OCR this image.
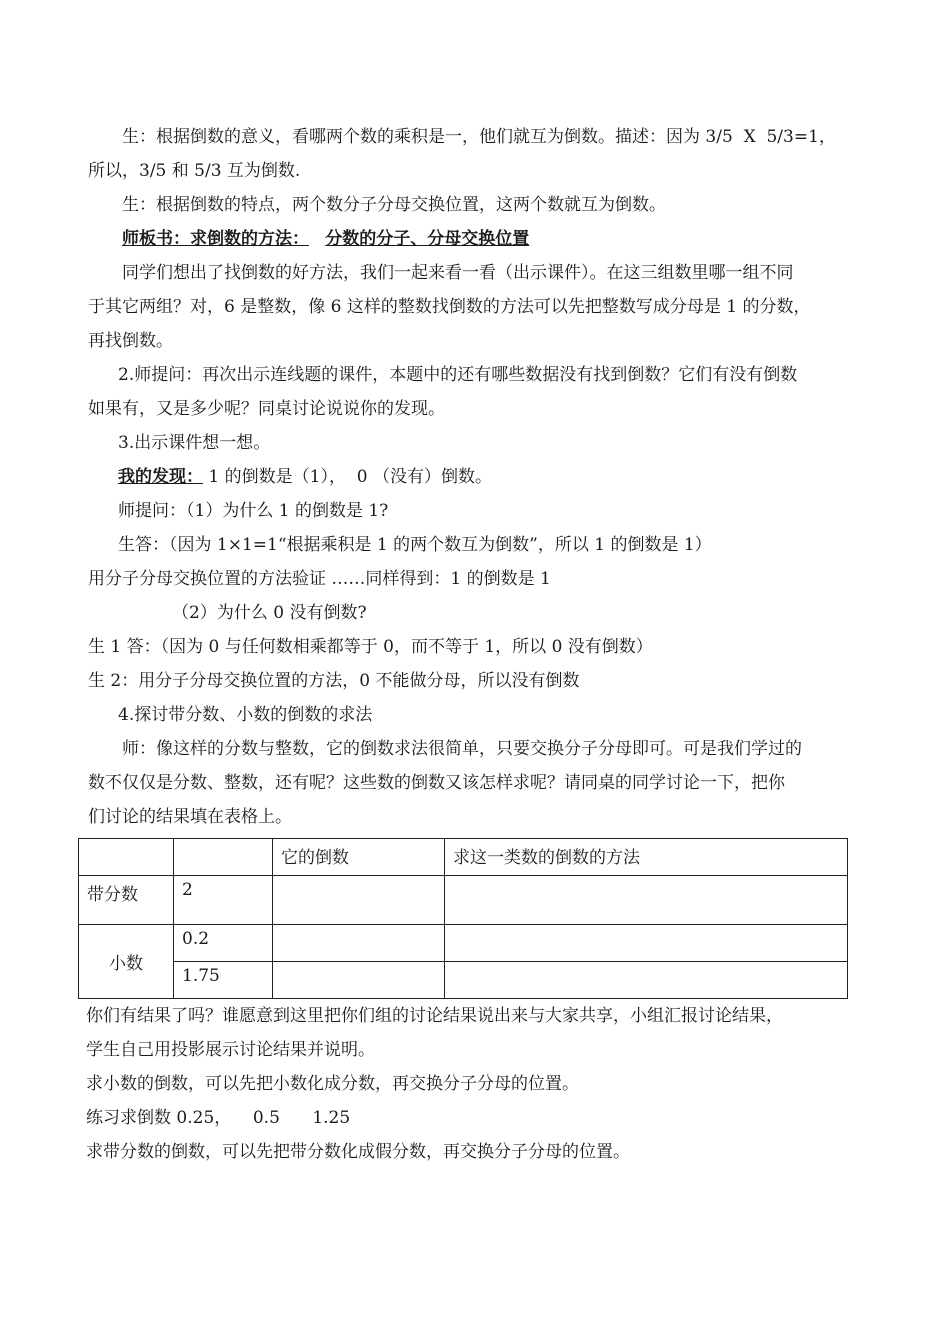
生：根据倒数的意义，看哪两个数的乘积是一，他们就互为倒数。描述：因为 3/5  X  5/3=1，

所以，3/5 和 5/3 互为倒数.

生：根据倒数的特点，两个数分子分母交换位置，这两个数就互为倒数。

师板书：求倒数的方法： 分数的分子、分母交换位置

同学们想出了找倒数的好方法，我们一起来看一看（出示课件）。在这三组数里哪一组不同

于其它两组？对，6 是整数，像 6 这样的整数找倒数的方法可以先把整数写成分母是 1 的分数，

再找倒数。

2.师提问：再次出示连线题的课件，本题中的还有哪些数据没有找到倒数？它们有没有倒数

如果有，又是多少呢？同桌讨论说说你的发现。

3.出示课件想一想。

我的发现： 1 的倒数是（1），  0 （没有）倒数。

师提问：（1）为什么 1 的倒数是 1?

生答：（因为 1×1=1“根据乘积是 1 的两个数互为倒数”，所以 1 的倒数是 1）

用分子分母交换位置的方法验证 ……同样得到：1 的倒数是 1

（2）为什么 0 没有倒数?

生 1 答：（因为 0 与任何数相乘都等于 0，而不等于 1，所以 0 没有倒数）

生 2：用分子分母交换位置的方法，0 不能做分母，所以没有倒数

4.探讨带分数、小数的倒数的求法

师：像这样的分数与整数，它的倒数求法很简单，只要交换分子分母即可。可是我们学过的

数不仅仅是分数、整数，还有呢？这些数的倒数又该怎样求呢？请同桌的同学讨论一下，把你

们讨论的结果填在表格上。

		它的倒数	求这一类数的倒数的方法
带分数	2		
小数	0.2		
	1.75		

你们有结果了吗？谁愿意到这里把你们组的讨论结果说出来与大家共享，小组汇报讨论结果，

学生自己用投影展示讨论结果并说明。

求小数的倒数，可以先把小数化成分数，再交换分子分母的位置。

练习求倒数 0.25，    0.5      1.25

求带分数的倒数，可以先把带分数化成假分数，再交换分子分母的位置。
